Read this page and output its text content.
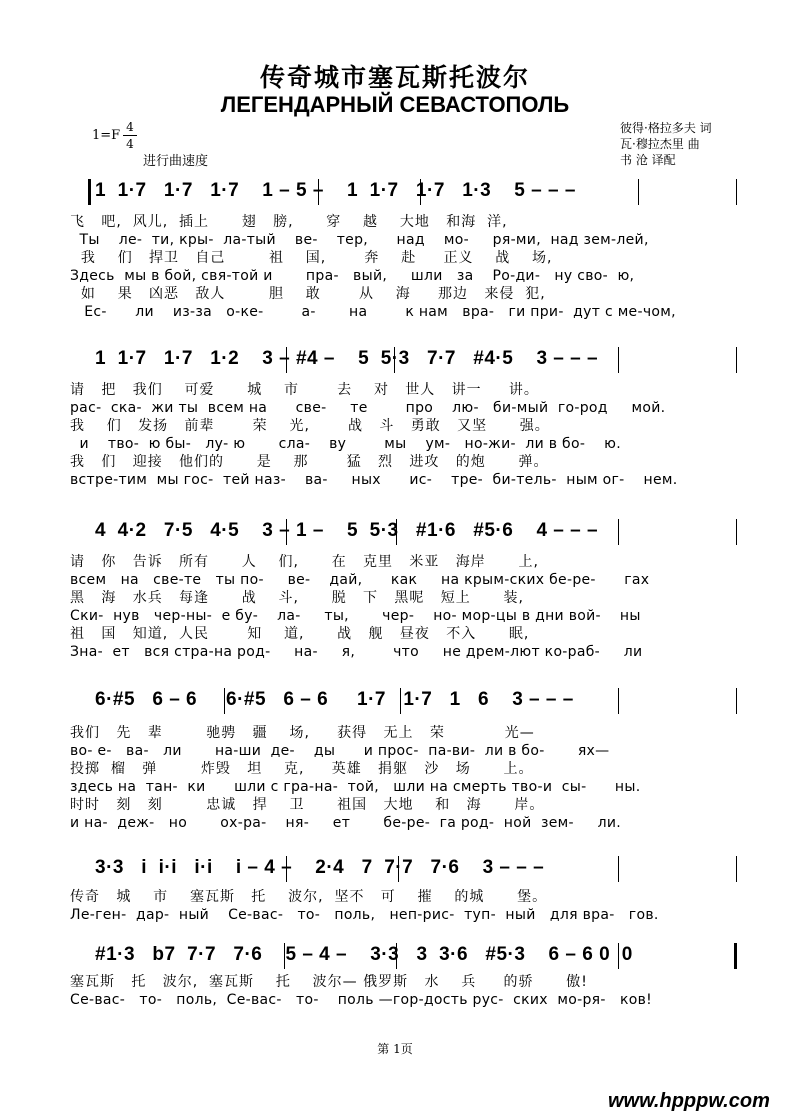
传奇城市塞瓦斯托波尔
ЛЕГЕНДАРНЫЙ СЕВАСТОПОЛЬ
彼得·格拉多夫 词
瓦·穆拉杰里 曲
书 沧 译配
1=F
4
4
进行曲速度
1  1·7   1·7   1·7    1 – 5 –    1  1·7   1·7   1·3    5 – – –
飞   吧,  风儿,  插上      翅   膀,      穿    越    大地   和海  洋,
Ты    ле-  ти, кры-  ла-тый    ве-    тер,      над    мо-     ря-ми,  над зем-лей,
我    们   捍卫   自己        祖    国,       奔    赴     正义    战    场,
Здесь  мы в бой, свя-той и       пра-   вый,     шли   за    Ро-ди-   ну сво-  ю,
如    果   凶恶   敌人        胆    敢       从    海     那边   来侵  犯,
Ес-      ли    из-за   о-ке-        а-       на        к нам   вра-   ги при-  дут с ме-чом,
1  1·7   1·7   1·2    3 – #4 –    5  5·3   7·7   #4·5    3 – – –
请   把   我们    可爱      城    市       去    对   世人   讲一     讲。
рас-  ска-  жи ты  всем на      све-     те        про    лю-   би-мый  го-род     мой.
我    们   发扬   前辈       荣    光,       战   斗   勇敢   又坚      强。
и    тво-  ю бы-   лу- ю       сла-    ву        мы    ум-   но-жи-  ли в бо-    ю.
我   们   迎接   他们的      是    那       猛   烈   进攻   的炮      弹。
встре-тим  мы гос-  тей наз-    ва-     ных      ис-    тре-  би-тель-  ным ог-    нем.
4  4·2   7·5   4·5    3 – 1 –    5  5·3   #1·6   #5·6    4 – – –
请   你   告诉   所有      人    们,      在   克里   米亚   海岸      上,
всем   на   све-те   ты по-     ве-    дай,      как     на крым-ских бе-ре-      гах
黑   海   水兵   每逢      战    斗,      脱   下   黑呢   短上      装,
Ски-  нув   чер-ны-  е бу-    ла-     ты,       чер-    но- мор-цы в дни вой-    ны
祖   国   知道,  人民       知    道,      战   舰   昼夜   不入      眠,
Зна-  ет   вся стра-на род-     на-     я,        что     не дрем-лют ко-раб-     ли
6·#5   6 – 6     6·#5   6 – 6     1·7   1·7   1   6    3 – – –
我们   先   辈        驰骋   疆    场,     获得   无上   荣           光—
во- е-   ва-   ли       на-ши  де-    ды      и прос-  па-ви-  ли в бо-       ях—
投掷  榴   弹        炸毁   坦    克,     英雄   捐躯   沙   场      上。
здесь на  тан-  ки      шли с гра-на-  той,   шли на смерть тво-и  сы-      ны.
时时   刻   刻        忠诚   捍    卫      祖国   大地    和   海      岸。
и на-  деж-   но       ох-ра-    ня-     ет       бе-ре-  га род-  ной  зем-     ли.
3·3   i  i·i   i·i    i – 4 –    2·4   7  7·7   7·6    3 – – –
传奇   城    市    塞瓦斯   托    波尔,  坚不   可    摧    的城      堡。
Ле-ген-  дар-  ный    Се-вас-   то-   поль,   неп-рис-  туп-  ный   для вра-   гов.
#1·3   b7  7·7   7·6    5 – 4 –    3·3   3  3·6   #5·3    6 – 6 0  0
塞瓦斯   托   波尔,  塞瓦斯    托    波尔— 俄罗斯   水    兵     的骄      傲!
Се-вас-   то-   поль,  Се-вас-   то-    поль —гор-дость рус-  ских  мо-ря-   ков!
第 1页
www.hpppw.com
